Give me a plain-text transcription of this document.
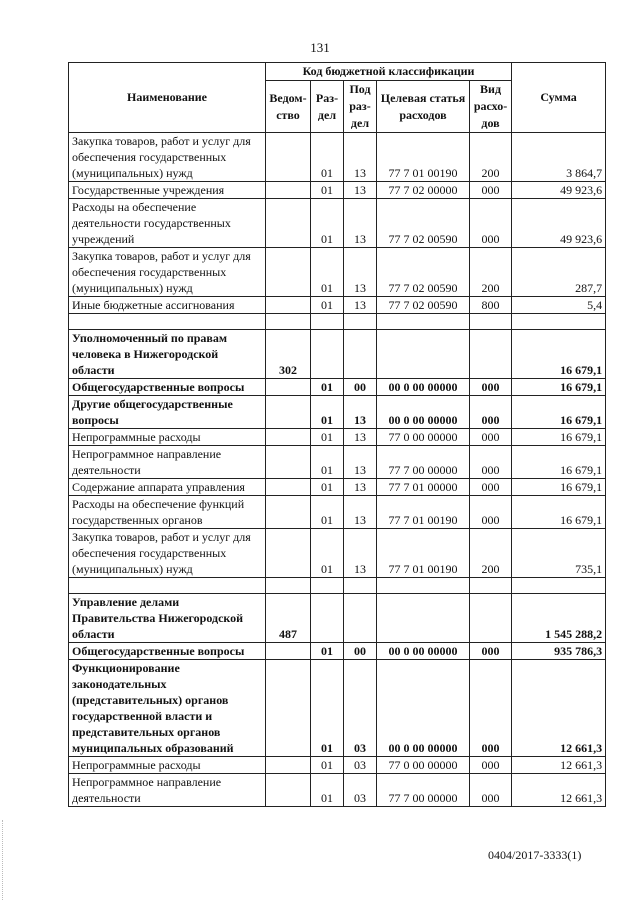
131
Наименование	Код бюджетной классификации					Сумма
	Ведом-ство	Раз-дел	Под раз-дел	Целевая статья расходов	Вид расхо-дов	
Закупка товаров, работ и услуг для обеспечения государственных (муниципальных) нужд		01	13	77 7 01 00190	200	3 864,7
Государственные учреждения		01	13	77 7 02 00000	000	49 923,6
Расходы на обеспечение деятельности государственных учреждений		01	13	77 7 02 00590	000	49 923,6
Закупка товаров, работ и услуг для обеспечения государственных (муниципальных) нужд		01	13	77 7 02 00590	200	287,7
Иные бюджетные ассигнования		01	13	77 7 02 00590	800	5,4

Уполномоченный по правам человека в Нижегородской области	302					16 679,1
Общегосударственные вопросы		01	00	00 0 00 00000	000	16 679,1
Другие общегосударственные вопросы		01	13	00 0 00 00000	000	16 679,1
Непрограммные расходы		01	13	77 0 00 00000	000	16 679,1
Непрограммное направление деятельности		01	13	77 7 00 00000	000	16 679,1
Содержание аппарата управления		01	13	77 7 01 00000	000	16 679,1
Расходы на обеспечение функций государственных органов		01	13	77 7 01 00190	000	16 679,1
Закупка товаров, работ и услуг для обеспечения государственных (муниципальных) нужд		01	13	77 7 01 00190	200	735,1

Управление делами Правительства Нижегородской области	487					1 545 288,2
Общегосударственные вопросы		01	00	00 0 00 00000	000	935 786,3
Функционирование законодательных (представительных) органов государственной власти и представительных органов муниципальных образований		01	03	00 0 00 00000	000	12 661,3
Непрограммные расходы		01	03	77 0 00 00000	000	12 661,3
Непрограммное направление деятельности		01	03	77 7 00 00000	000	12 661,3
0404/2017-3333(1)
